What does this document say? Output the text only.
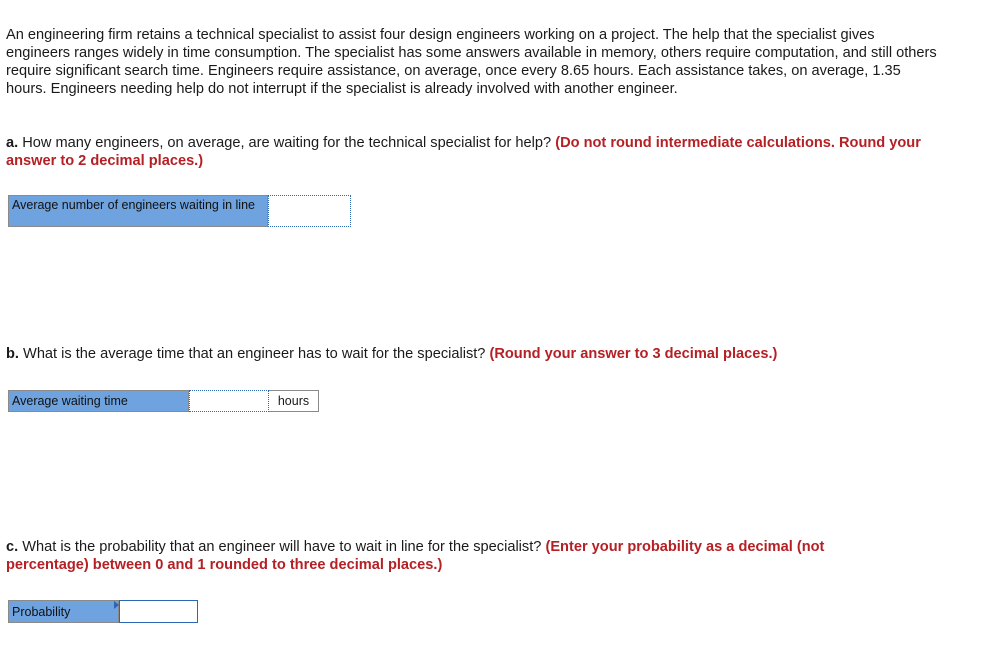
An engineering firm retains a technical specialist to assist four design engineers working on a project. The help that the specialist gives engineers ranges widely in time consumption. The specialist has some answers available in memory, others require computation, and still others require significant search time. Engineers require assistance, on average, once every 8.65 hours. Each assistance takes, on average, 1.35 hours. Engineers needing help do not interrupt if the specialist is already involved with another engineer.

a. How many engineers, on average, are waiting for the technical specialist for help? (Do not round intermediate calculations. Round your answer to 2 decimal places.)

Average number of engineers waiting in line

b. What is the average time that an engineer has to wait for the specialist? (Round your answer to 3 decimal places.)

Average waiting time	hours

c. What is the probability that an engineer will have to wait in line for the specialist? (Enter your probability as a decimal (not percentage) between 0 and 1 rounded to three decimal places.)

Probability
